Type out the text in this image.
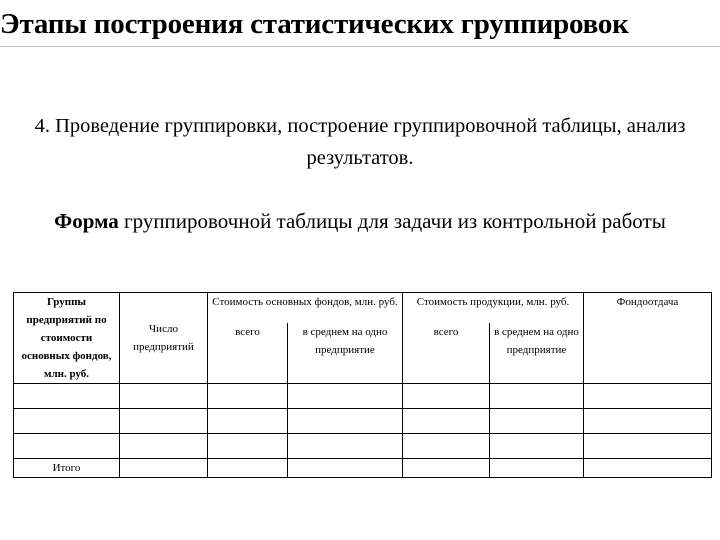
Этапы построения статистических группировок
4. Проведение группировки, построение группировочной таблицы, анализ результатов.
Форма группировочной таблицы для задачи из контрольной работы
Группы предприятий по стоимости основных фондов, млн. руб.	Число предприятий	Стоимость основных фондов, млн. руб.		Стоимость продукции, млн. руб.		Фондоотдача
		всего	в среднем на одно предприятие	всего	в среднем на одно предприятие	

Итого						
